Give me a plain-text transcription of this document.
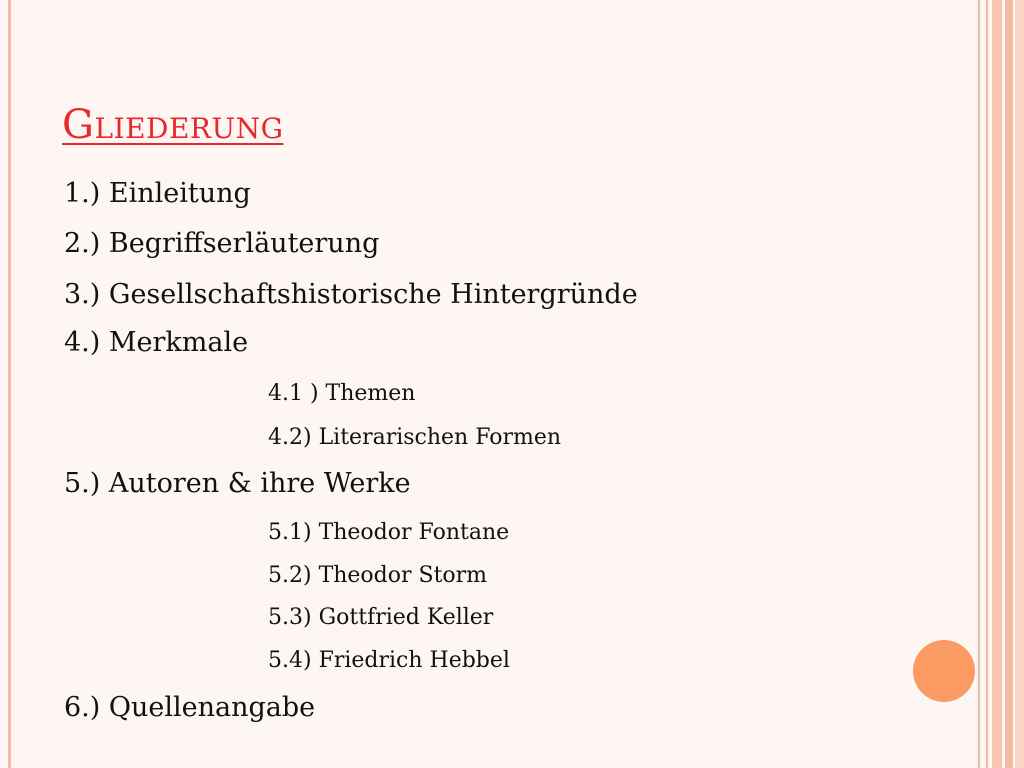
Gliederung

1.) Einleitung

2.) Begriffserläuterung

3.) Gesellschaftshistorische Hintergründe

4.) Merkmale

4.1 ) Themen

4.2) Literarischen Formen

5.) Autoren & ihre Werke

5.1) Theodor Fontane

5.2) Theodor Storm

5.3) Gottfried Keller

5.4) Friedrich Hebbel

6.) Quellenangabe
